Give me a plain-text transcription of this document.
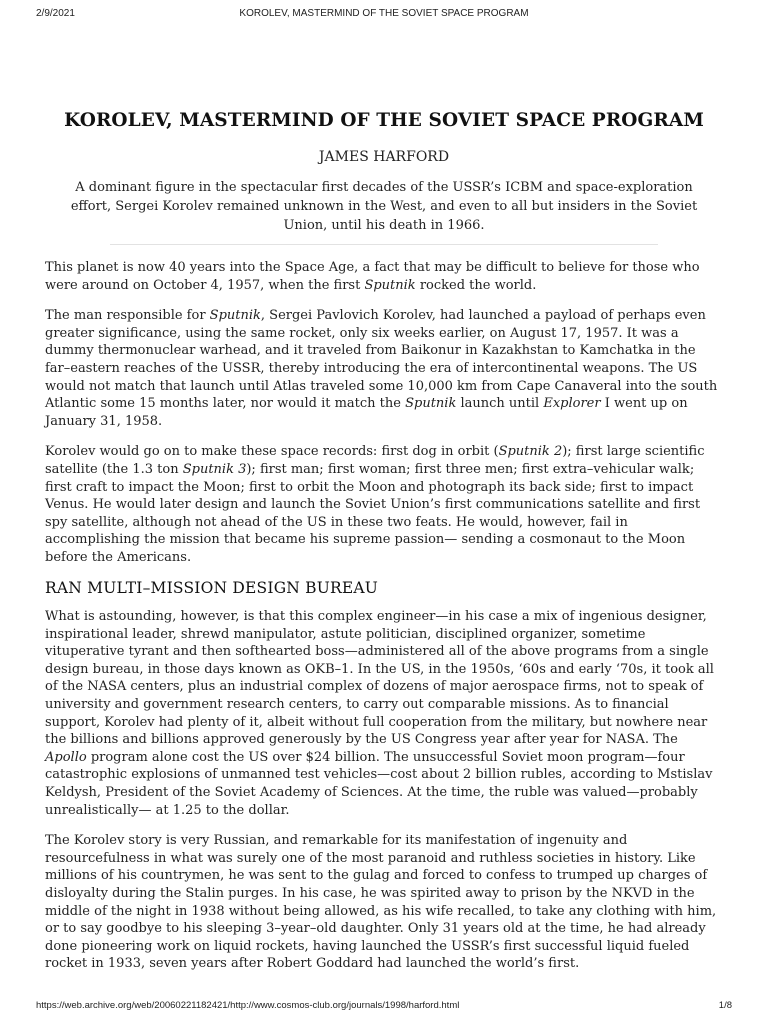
2/9/2021	KOROLEV, MASTERMIND OF THE SOVIET SPACE PROGRAM
KOROLEV, MASTERMIND OF THE SOVIET SPACE PROGRAM
JAMES HARFORD
A dominant figure in the spectacular first decades of the USSR’s ICBM and space-exploration effort, Sergei Korolev remained unknown in the West, and even to all but insiders in the Soviet Union, until his death in 1966.

This planet is now 40 years into the Space Age, a fact that may be difficult to believe for those who were around on October 4, 1957, when the first Sputnik rocked the world.

The man responsible for Sputnik, Sergei Pavlovich Korolev, had launched a payload of perhaps even greater significance, using the same rocket, only six weeks earlier, on August 17, 1957. It was a dummy thermonuclear warhead, and it traveled from Baikonur in Kazakhstan to Kamchatka in the far–eastern reaches of the USSR, thereby introducing the era of intercontinental weapons. The US would not match that launch until Atlas traveled some 10,000 km from Cape Canaveral into the south Atlantic some 15 months later, nor would it match the Sputnik launch until Explorer I went up on January 31, 1958.

Korolev would go on to make these space records: first dog in orbit (Sputnik 2); first large scientific satellite (the 1.3 ton Sputnik 3); first man; first woman; first three men; first extra–vehicular walk; first craft to impact the Moon; first to orbit the Moon and photograph its back side; first to impact Venus. He would later design and launch the Soviet Union’s first communications satellite and first spy satellite, although not ahead of the US in these two feats. He would, however, fail in accomplishing the mission that became his supreme passion— sending a cosmonaut to the Moon before the Americans.

RAN MULTI–MISSION DESIGN BUREAU

What is astounding, however, is that this complex engineer—in his case a mix of ingenious designer, inspirational leader, shrewd manipulator, astute politician, disciplined organizer, sometime vituperative tyrant and then softhearted boss—administered all of the above programs from a single design bureau, in those days known as OKB–1. In the US, in the 1950s, ‘60s and early ‘70s, it took all of the NASA centers, plus an industrial complex of dozens of major aerospace firms, not to speak of university and government research centers, to carry out comparable missions. As to financial support, Korolev had plenty of it, albeit without full cooperation from the military, but nowhere near the billions and billions approved generously by the US Congress year after year for NASA. The Apollo program alone cost the US over $24 billion. The unsuccessful Soviet moon program—four catastrophic explosions of unmanned test vehicles—cost about 2 billion rubles, according to Mstislav Keldysh, President of the Soviet Academy of Sciences. At the time, the ruble was valued—probably unrealistically— at 1.25 to the dollar.

The Korolev story is very Russian, and remarkable for its manifestation of ingenuity and resourcefulness in what was surely one of the most paranoid and ruthless societies in history. Like millions of his countrymen, he was sent to the gulag and forced to confess to trumped up charges of disloyalty during the Stalin purges. In his case, he was spirited away to prison by the NKVD in the middle of the night in 1938 without being allowed, as his wife recalled, to take any clothing with him, or to say goodbye to his sleeping 3–year–old daughter. Only 31 years old at the time, he had already done pioneering work on liquid rockets, having launched the USSR’s first successful liquid fueled rocket in 1933, seven years after Robert Goddard had launched the world’s first.

https://web.archive.org/web/20060221182421/http://www.cosmos-club.org/journals/1998/harford.html	1/8
